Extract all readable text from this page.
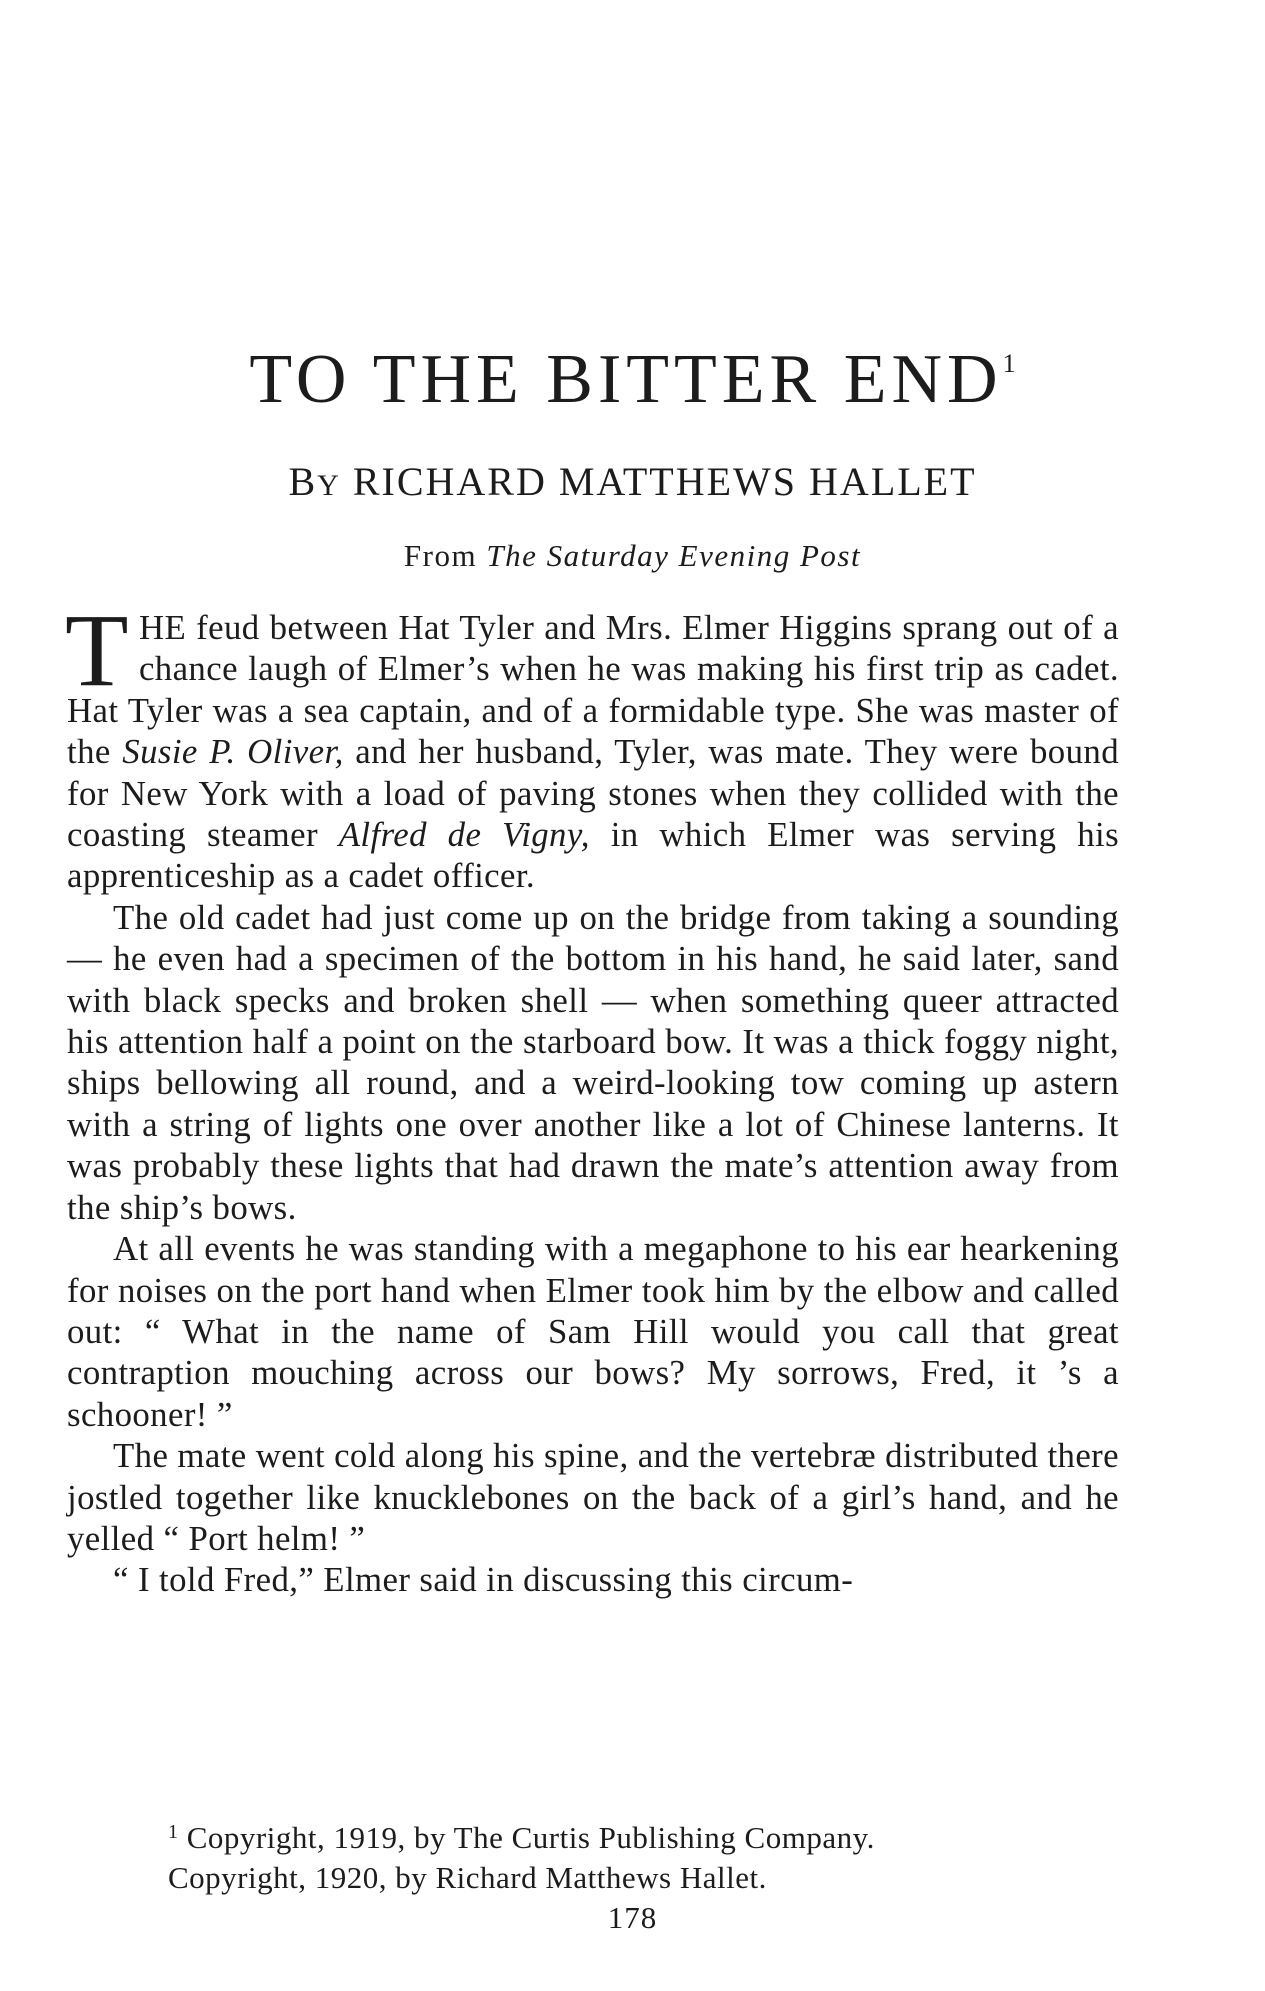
TO THE BITTER END$^1$
BY RICHARD MATTHEWS HALLET
From The Saturday Evening Post

THE feud between Hat Tyler and Mrs. Elmer Higgins sprang out of a chance laugh of Elmer’s when he was making his first trip as cadet. Hat Tyler was a sea captain, and of a formidable type. She was master of the Susie P. Oliver, and her husband, Tyler, was mate. They were bound for New York with a load of paving stones when they collided with the coasting steamer Alfred de Vigny, in which Elmer was serving his apprenticeship as a cadet officer.

The old cadet had just come up on the bridge from taking a sounding — he even had a specimen of the bottom in his hand, he said later, sand with black specks and broken shell — when something queer attracted his attention half a point on the starboard bow. It was a thick foggy night, ships bellowing all round, and a weird-looking tow coming up astern with a string of lights one over another like a lot of Chinese lanterns. It was probably these lights that had drawn the mate’s attention away from the ship’s bows.

At all events he was standing with a megaphone to his ear hearkening for noises on the port hand when Elmer took him by the elbow and called out: “ What in the name of Sam Hill would you call that great contraption mouching across our bows? My sorrows, Fred, it ’s a schooner! ”

The mate went cold along his spine, and the vertebræ distributed there jostled together like knucklebones on the back of a girl’s hand, and he yelled “ Port helm! ”

“ I told Fred,” Elmer said in discussing this circum-

$^1$ Copyright, 1919, by The Curtis Publishing Company.
Copyright, 1920, by Richard Matthews Hallet.
178
